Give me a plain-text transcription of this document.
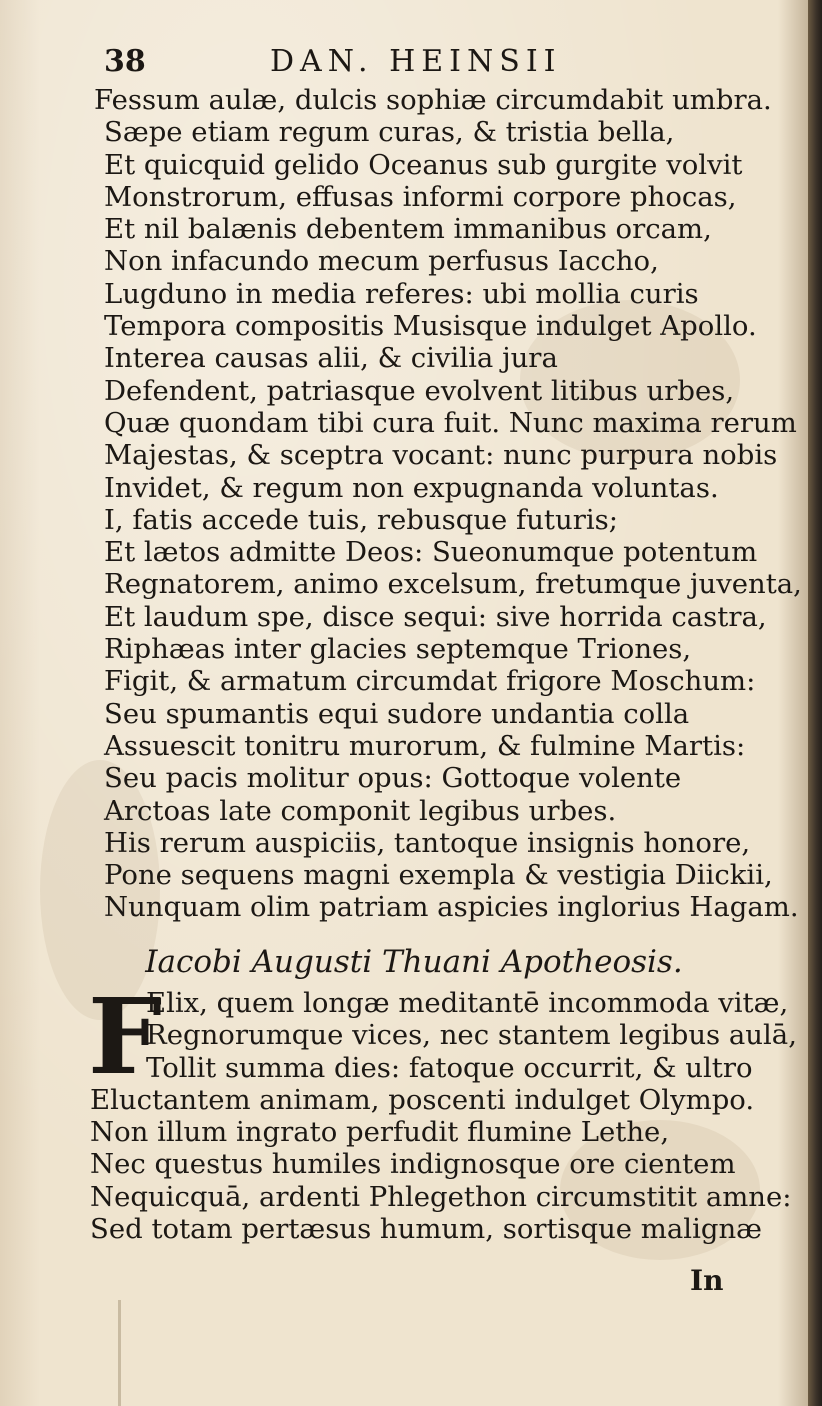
38	DAN. HEINSII
Fessum aulæ, dulcis sophiæ circumdabit umbra.
Sæpe etiam regum curas, & tristia bella,
Et quicquid gelido Oceanus sub gurgite volvit
Monstrorum, effusas informi corpore phocas,
Et nil balænis debentem immanibus orcam,
Non infacundo mecum perfusus Iaccho,
Lugduno in media referes: ubi mollia curis
Tempora compositis Musisque indulget Apollo.
Interea causas alii, & civilia jura
Defendent, patriasque evolvent litibus urbes,
Quæ quondam tibi cura fuit. Nunc maxima rerum
Majestas, & sceptra vocant: nunc purpura nobis
Invidet, & regum non expugnanda voluntas.
I, fatis accede tuis, rebusque futuris;
Et lætos admitte Deos: Sueonumque potentum
Regnatorem, animo excelsum, fretumque juventa,
Et laudum spe, disce sequi: sive horrida castra,
Riphæas inter glacies septemque Triones,
Figit, & armatum circumdat frigore Moschum:
Seu spumantis equi sudore undantia colla
Assuescit tonitru murorum, & fulmine Martis:
Seu pacis molitur opus: Gottoque volente
Arctoas late componit legibus urbes.
His rerum auspiciis, tantoque insignis honore,
Pone sequens magni exempla & vestigia Diickii,
Nunquam olim patriam aspicies inglorius Hagam.
Iacobi Augusti Thuani Apotheosis.
F
Elix, quem longæ meditantē incommoda vitæ,
Regnorumque vices, nec stantem legibus aulā,
Tollit summa dies: fatoque occurrit, & ultro
Eluctantem animam, poscenti indulget Olympo.
Non illum ingrato perfudit flumine Lethe,
Nec questus humiles indignosque ore cientem
Nequicquā, ardenti Phlegethon circumstitit amne:
Sed totam pertæsus humum, sortisque malignæ
In
